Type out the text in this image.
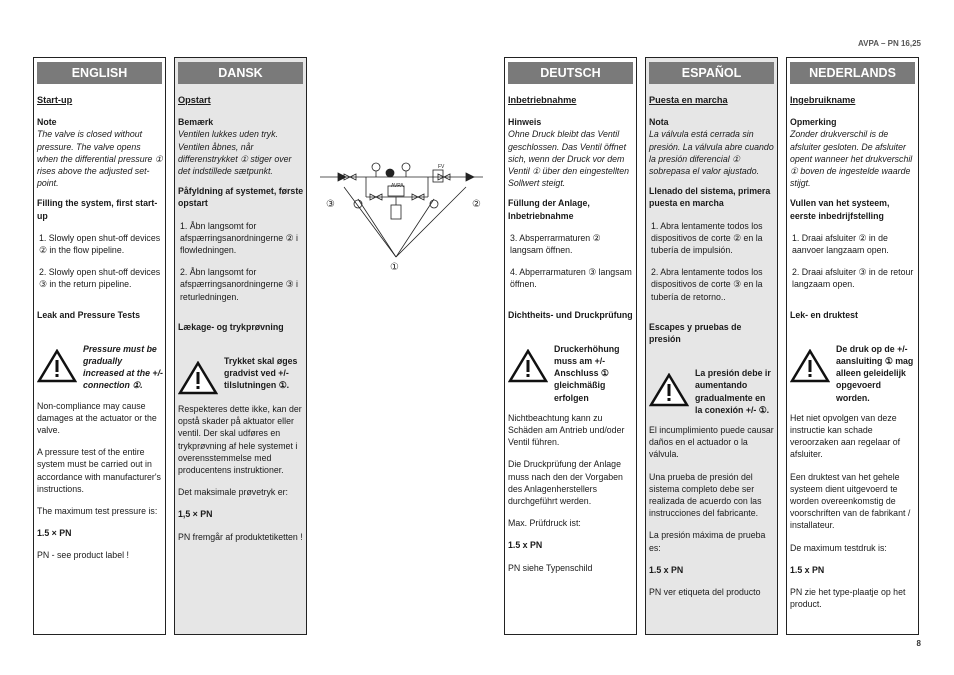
AVPA – PN 16,25
8
ENGLISH
Start-up

Note

The valve is closed without pressure. The valve opens when the differential pressure ① rises above the adjusted set-point.

Filling the system, first start-up

1. Slowly open shut-off devices ② in the flow pipeline.
2. Slowly open shut-off devices ③ in the return pipeline.

Leak and Pressure Tests

Pressure must be gradually increased at the +/- connection ①.

Non-compliance may cause damages at the actuator or the valve.

A pressure test of the entire system must be carried out in accordance with manufacturer's instructions.

The maximum test pressure is:

1.5 × PN

PN - see product label !

DANSK
Opstart

Bemærk

Ventilen lukkes uden tryk. Ventilen åbnes, når differenstrykket ① stiger over det indstillede sætpunkt.

Påfyldning af systemet, første opstart

1. Åbn langsomt for afspærringsanordningerne ② i flowledningen.
2. Åbn langsomt for afspærringsanordningerne ③ i returledningen.

Lækage- og trykprøvning

Trykket skal øges gradvist ved +/- tilslutningen ①.

Respekteres dette ikke, kan der opstå skader på aktuator eller ventil. Der skal udføres en trykprøvning af hele systemet i overensstemmelse med producentens instruktioner.

Det maksimale prøvetryk er:

1,5 × PN

PN fremgår af produktetiketten !

DEUTSCH
Inbetriebnahme

Hinweis

Ohne Druck bleibt das Ventil geschlossen. Das Ventil öffnet sich, wenn der Druck vor dem Ventil ① über den eingestellten Sollwert steigt.

Füllung der Anlage, Inbetriebnahme

3. Absperrarmaturen ② langsam öffnen.
4. Abperrarmaturen ③ langsam öffnen.

Dichtheits- und Druckprüfung

Druckerhöhung muss am +/- Anschluss ① gleichmäßig erfolgen

Nichtbeachtung kann zu Schäden am Antrieb und/oder Ventil führen.

Die Druckprüfung der Anlage muss nach den der Vorgaben des Anlagenherstellers durchgeführt werden.

Max. Prüfdruck ist:

1.5 x PN

PN siehe Typenschild

ESPAÑOL
Puesta en marcha

Nota

La válvula está cerrada sin presión. La válvula abre cuando la presión diferencial ① sobrepasa el valor ajustado.

Llenado del sistema, primera puesta en marcha

1. Abra lentamente todos los dispositivos de corte ② en la tubería de impulsión.
2. Abra lentamente todos los dispositivos de corte ③ en la tubería de retorno..

Escapes y pruebas de presión

La presión debe ir aumentando gradualmente en la conexión +/- ①.

El incumplimiento puede causar daños en el actuador o la válvula.

Una prueba de presión del sistema completo debe ser realizada de acuerdo con las instrucciones del fabricante.

La presión máxima de prueba es:

1.5 x PN

PN ver etiqueta del producto

NEDERLANDS
Ingebruikname

Opmerking

Zonder drukverschil is de afsluiter gesloten. De afsluiter opent wanneer het drukverschil ① boven de ingestelde waarde stijgt.

Vullen van het systeem, eerste inbedrijfstelling

1. Draai afsluiter ② in de aanvoer langzaam open.
2. Draai afsluiter ③ in de retour langzaam open.

Lek- en druktest

De druk op de +/- aansluiting ① mag alleen geleidelijk opgevoerd worden.

Het niet opvolgen van deze instructie kan schade veroorzaken aan regelaar of afsluiter.

Een druktest van het gehele systeem dient uitgevoerd te worden overeenkomstig de voorschriften van de fabrikant / installateur.

De maximum testdruk is:

1.5 x PN

PN zie het type-plaatje op het product.

AVPA
FV
③	②
①
